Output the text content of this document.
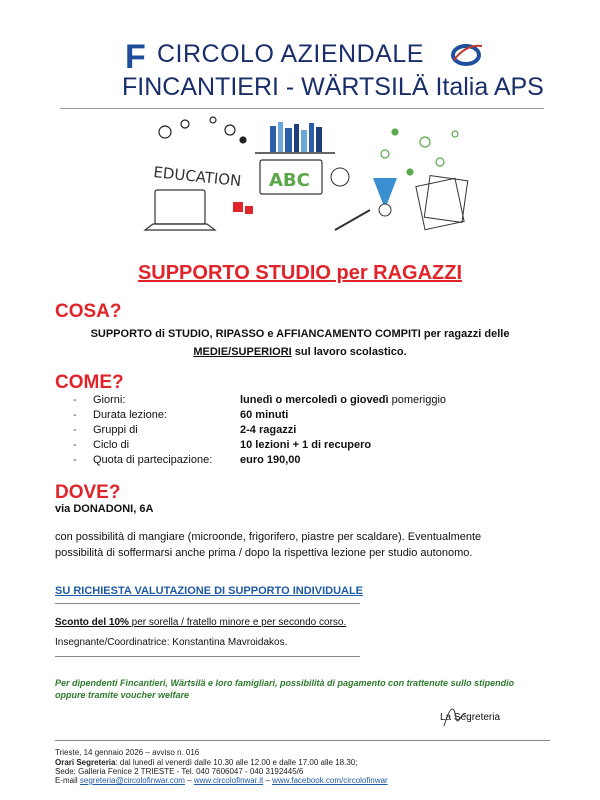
F CIRCOLO AZIENDALE
FINCANTIERI - WÄRTSILÄ Italia APS
EDUCATION ABC
SUPPORTO STUDIO per RAGAZZI
COSA?
SUPPORTO di STUDIO, RIPASSO e AFFIANCAMENTO COMPITI per ragazzi delle
MEDIE/SUPERIORI sul lavoro scolastico.
COME?
- Giorni:	lunedì o mercoledì o giovedì pomeriggio
- Durata lezione:	60 minuti
- Gruppi di	2-4 ragazzi
- Ciclo di	10 lezioni + 1 di recupero
- Quota di partecipazione:	euro 190,00
DOVE?
via DONADONI, 6A
con possibilità di mangiare (microonde, frigorifero, piastre per scaldare). Eventualmente
possibilità di soffermarsi anche prima / dopo la rispettiva lezione per studio autonomo.
SU RICHIESTA VALUTAZIONE DI SUPPORTO INDIVIDUALE
Sconto del 10% per sorella / fratello minore e per secondo corso.
Insegnante/Coordinatrice: Konstantina Mavroidakos.
Per dipendenti Fincantieri, Wärtsilä e loro famigliari, possibilità di pagamento con trattenute sullo stipendio
oppure tramite voucher welfare
La Segreteria
Trieste, 14 gennaio 2026 – avviso n. 016
Orari Segreteria: dal lunedì al venerdì dalle 10.30 alle 12.00 e dalle 17.00 alle 18.30;
Sede: Galleria Fenice 2 TRIESTE - Tel. 040 7606047 - 040 3192445/6
E-mail segreteria@circolofinwar.com – www.circolofinwar.it – www.facebook.com/circolofinwar
